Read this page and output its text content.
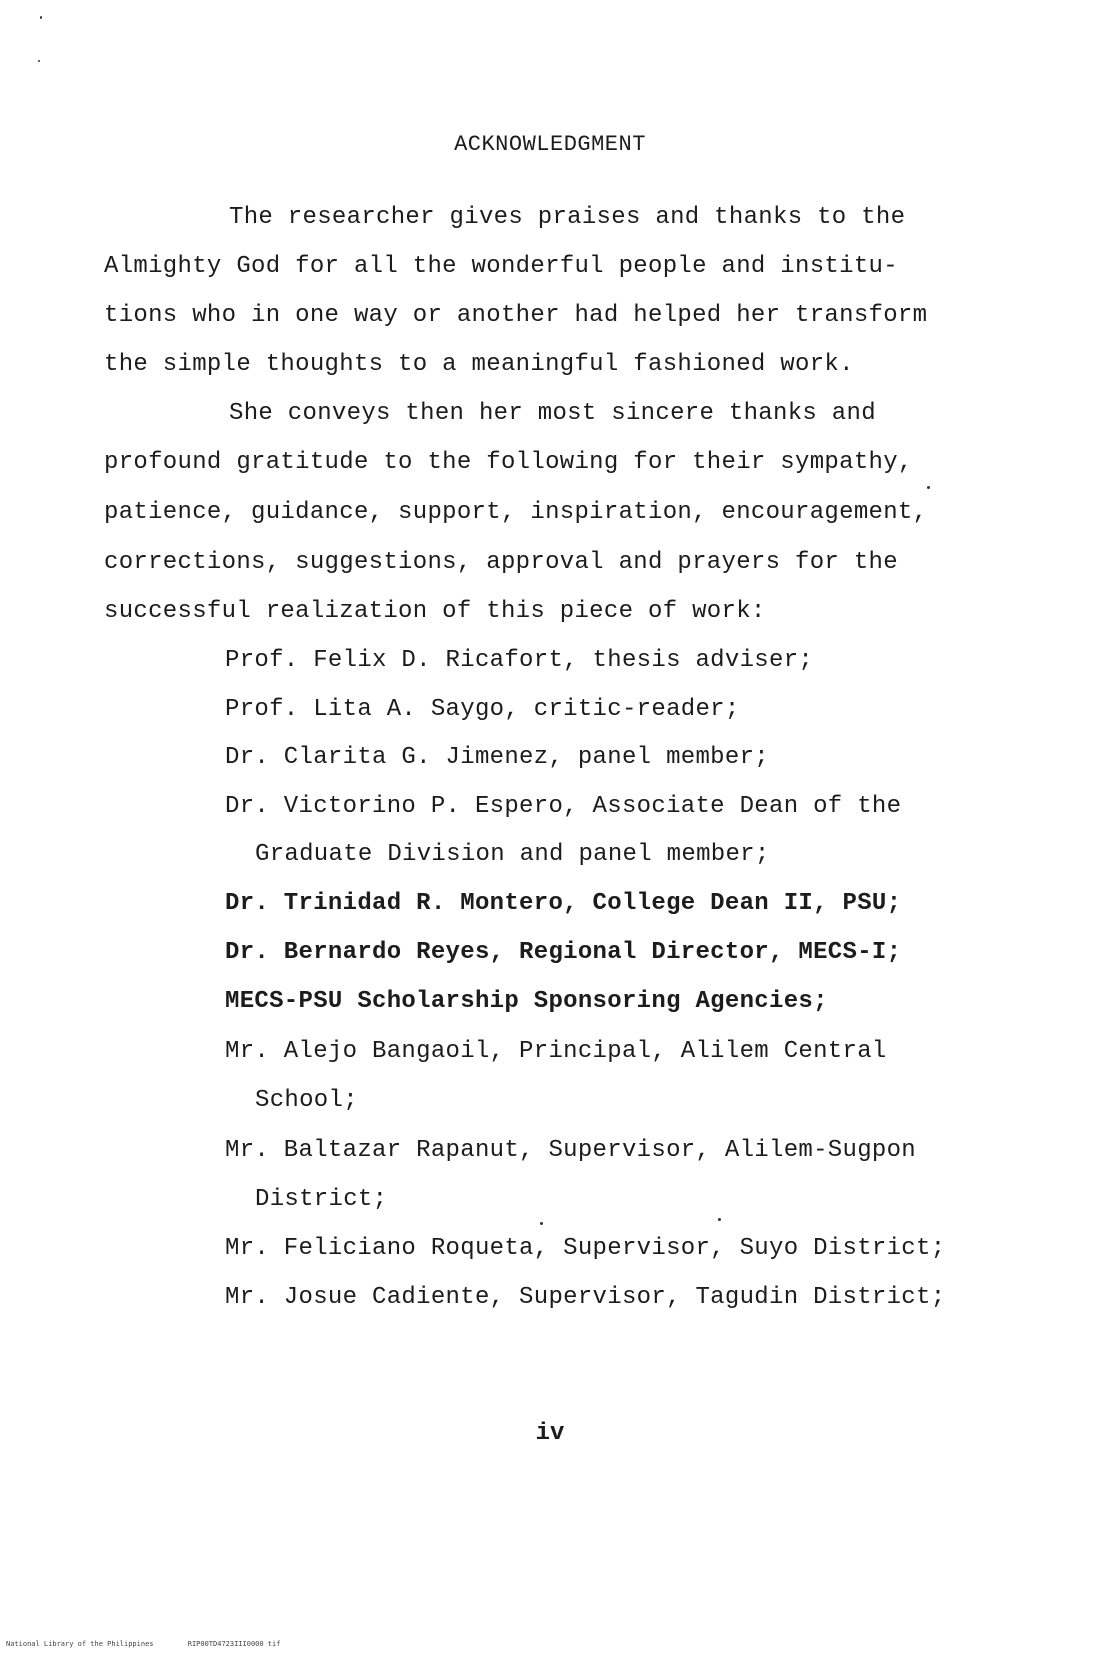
ACKNOWLEDGMENT
The researcher gives praises and thanks to the
Almighty God for all the wonderful people and institu-
tions who in one way or another had helped her transform
the simple thoughts to a meaningful fashioned work.
She conveys then her most sincere thanks and
profound gratitude to the following for their sympathy,
patience, guidance, support, inspiration, encouragement,
corrections, suggestions, approval and prayers for the
successful realization of this piece of work:
Prof. Felix D. Ricafort, thesis adviser;
Prof. Lita A. Saygo, critic-reader;
Dr. Clarita G. Jimenez, panel member;
Dr. Victorino P. Espero, Associate Dean of the
Graduate Division and panel member;
Dr. Trinidad R. Montero, College Dean II, PSU;
Dr. Bernardo Reyes, Regional Director, MECS-I;
MECS-PSU Scholarship Sponsoring Agencies;
Mr. Alejo Bangaoil, Principal, Alilem Central
School;
Mr. Baltazar Rapanut, Supervisor, Alilem-Sugpon
District;
Mr. Feliciano Roqueta, Supervisor, Suyo District;
Mr. Josue Cadiente, Supervisor, Tagudin District;
iv
National Library of the Philippines	RIP00TD4723III0000 tif
